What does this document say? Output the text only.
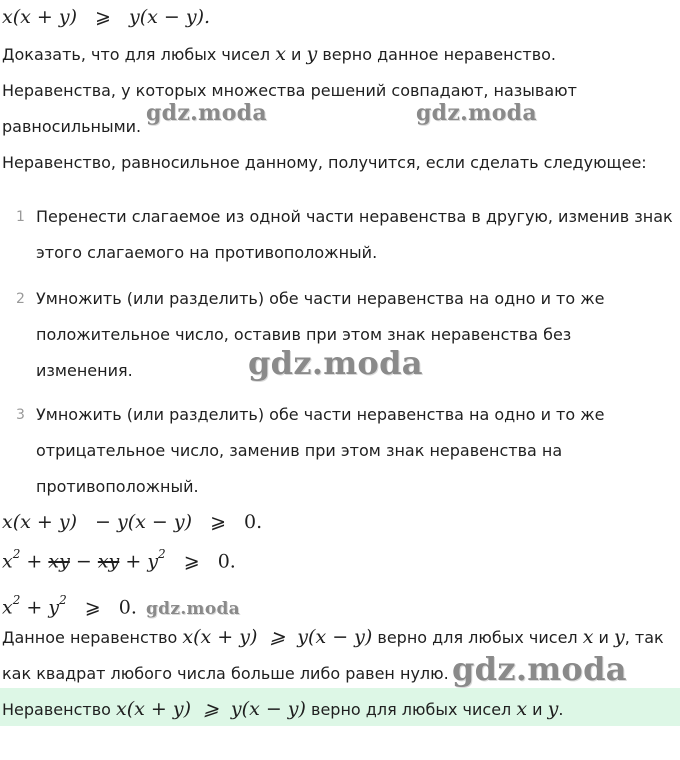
x(x + y) ⩾ y(x − y).
Доказать, что для любых чисел x и y верно данное неравенство.
Неравенства, у которых множества решений совпадают, называют
равносильными.
Неравенство, равносильное данному, получится, если сделать следующее:
1 Перенести слагаемое из одной части неравенства в другую, изменив знак
этого слагаемого на противоположный.
2 Умножить (или разделить) обе части неравенства на одно и то же
положительное число, оставив при этом знак неравенства без
изменения.
3 Умножить (или разделить) обе части неравенства на одно и то же
отрицательное число, заменив при этом знак неравенства на
противоположный.
x(x + y) − y(x − y) ⩾ 0.
$x^2$ + xy − xy + $y^2$ ⩾ 0.
$x^2 + y^2$ ⩾ 0.
Данное неравенство x(x + y) ⩾ y(x − y) верно для любых чисел x и y, так
как квадрат любого числа больше либо равен нулю.
Неравенство x(x + y) ⩾ y(x − y) верно для любых чисел x и y.
gdz.moda	gdz.moda
gdz.moda
gdz.moda
gdz.moda
